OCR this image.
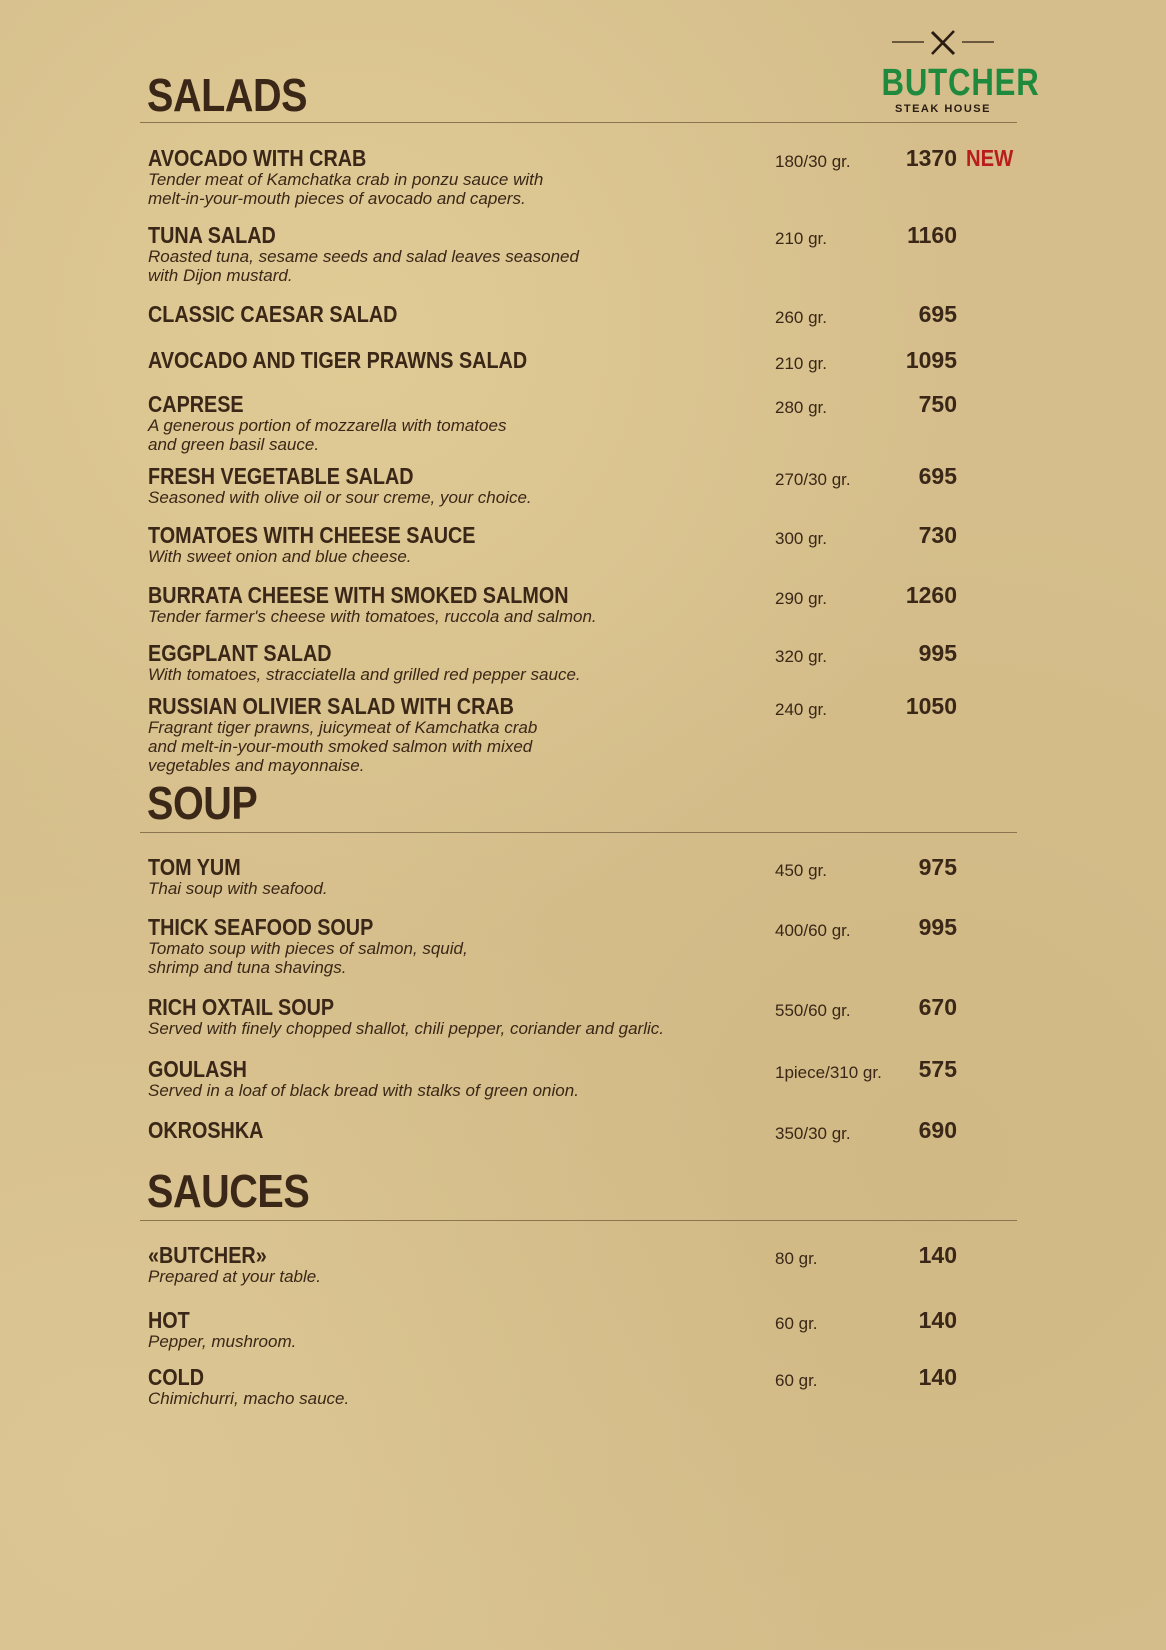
BUTCHER
STEAK HOUSE
SALADS
AVOCADO WITH CRAB
Tender meat of Kamchatka crab in ponzu sauce with
melt-in-your-mouth pieces of avocado and capers.
180/30 gr.	1370 NEW
TUNA SALAD
Roasted tuna, sesame seeds and salad leaves seasoned
with Dijon mustard.
210 gr.	1160
CLASSIC CAESAR SALAD	260 gr.	695
AVOCADO AND TIGER PRAWNS SALAD	210 gr.	1095
CAPRESE
A generous portion of mozzarella with tomatoes
and green basil sauce.
280 gr.	750
FRESH VEGETABLE SALAD
Seasoned with olive oil or sour creme, your choice.
270/30 gr.	695
TOMATOES WITH CHEESE SAUCE
With sweet onion and blue cheese.
300 gr.	730
BURRATA CHEESE WITH SMOKED SALMON
Tender farmer's cheese with tomatoes, ruccola and salmon.
290 gr.	1260
EGGPLANT SALAD
With tomatoes, stracciatella and grilled red pepper sauce.
320 gr.	995
RUSSIAN OLIVIER SALAD WITH CRAB
Fragrant tiger prawns, juicymeat of Kamchatka crab
and melt-in-your-mouth smoked salmon with mixed
vegetables and mayonnaise.
240 gr.	1050
SOUP
TOM YUM
Thai soup with seafood.
450 gr.	975
THICK SEAFOOD SOUP
Tomato soup with pieces of salmon, squid,
shrimp and tuna shavings.
400/60 gr.	995
RICH OXTAIL SOUP
Served with finely chopped shallot, chili pepper, coriander and garlic.
550/60 gr.	670
GOULASH
Served in a loaf of black bread with stalks of green onion.
1piece/310 gr.	575
OKROSHKA	350/30 gr.	690
SAUCES
«BUTCHER»
Prepared at your table.
80 gr.	140
HOT
Pepper, mushroom.
60 gr.	140
COLD
Chimichurri, macho sauce.
60 gr.	140
